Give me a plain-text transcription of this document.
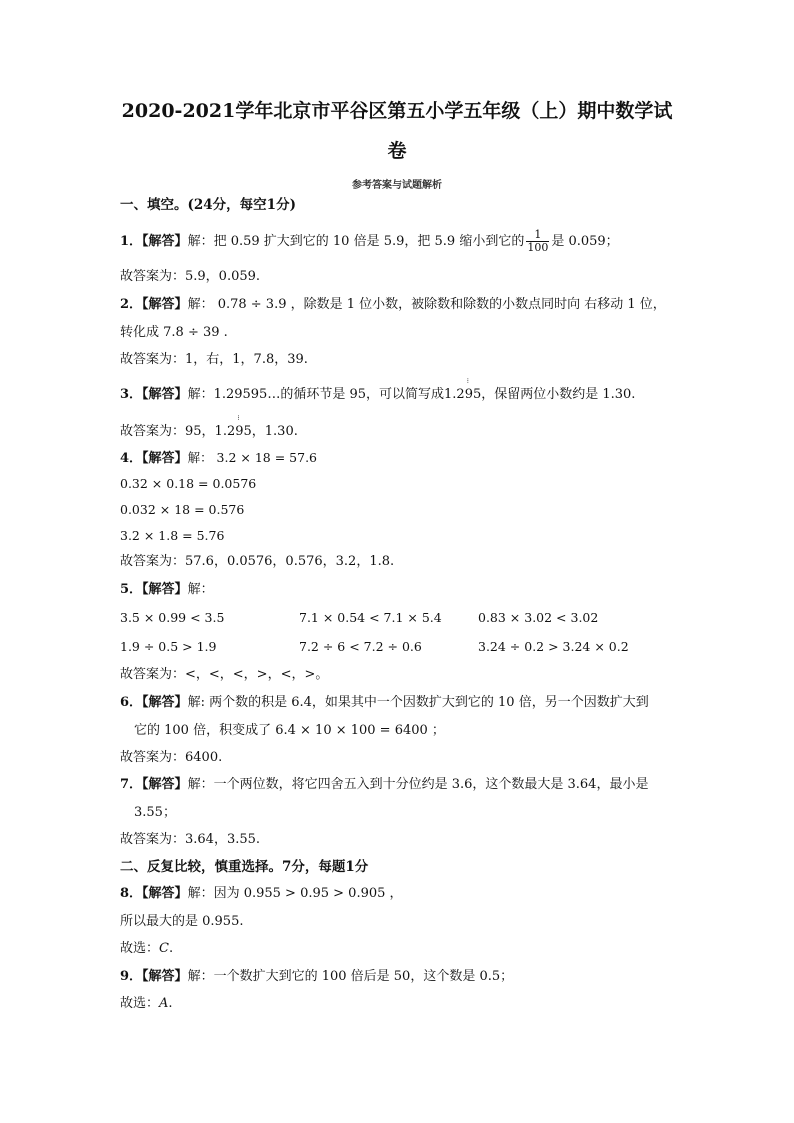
2020-2021学年北京市平谷区第五小学五年级（上）期中数学试
卷
参考答案与试题解析
一、填空。(24分，每空1分)
1．【解答】解：把 0.59 扩大到它的 10 倍是 5.9，把 5.9 缩小到它的 $\frac{1}{100}$ 是 0.059；
故答案为：5.9，0.059.
2．【解答】解： 0.78 ÷ 3.9 ，除数是 1 位小数，被除数和除数的小数点同时向 右移动 1 位，
转化成 7.8 ÷ 39 .
故答案为：1，右，1，7.8，39.
3．【解答】解：1.29595…的循环节是 95，可以简写成1.2
⁝
95，保留两位小数约是 1.30.
故答案为：95，1.2
⁝
95，1.30.
4．【解答】解： 3.2 × 18 = 57.6
0.32 × 0.18 = 0.0576
0.032 × 18 = 0.576
3.2 × 1.8 = 5.76
故答案为：57.6，0.0576，0.576，3.2，1.8.
5．【解答】解：
3.5 × 0.99 < 3.5	7.1 × 0.54 < 7.1 × 5.4	0.83 × 3.02 < 3.02
1.9 ÷ 0.5 > 1.9	7.2 ÷ 6 < 7.2 ÷ 0.6	3.24 ÷ 0.2 > 3.24 × 0.2
故答案为：<，<，<，>，<，>。
6．【解答】解: 两个数的积是 6.4，如果其中一个因数扩大到它的 10 倍，另一个因数扩大到
它的 100 倍，积变成了 6.4 × 10 × 100 = 6400 ；
故答案为：6400.
7．【解答】解：一个两位数，将它四舍五入到十分位约是 3.6，这个数最大是 3.64，最小是
3.55；
故答案为：3.64，3.55.
二、反复比较，慎重选择。7分，每题1分
8．【解答】解：因为 0.955 > 0.95 > 0.905 ，
所以最大的是 0.955.
故选：C.
9．【解答】解：一个数扩大到它的 100 倍后是 50，这个数是 0.5；
故选：A.
